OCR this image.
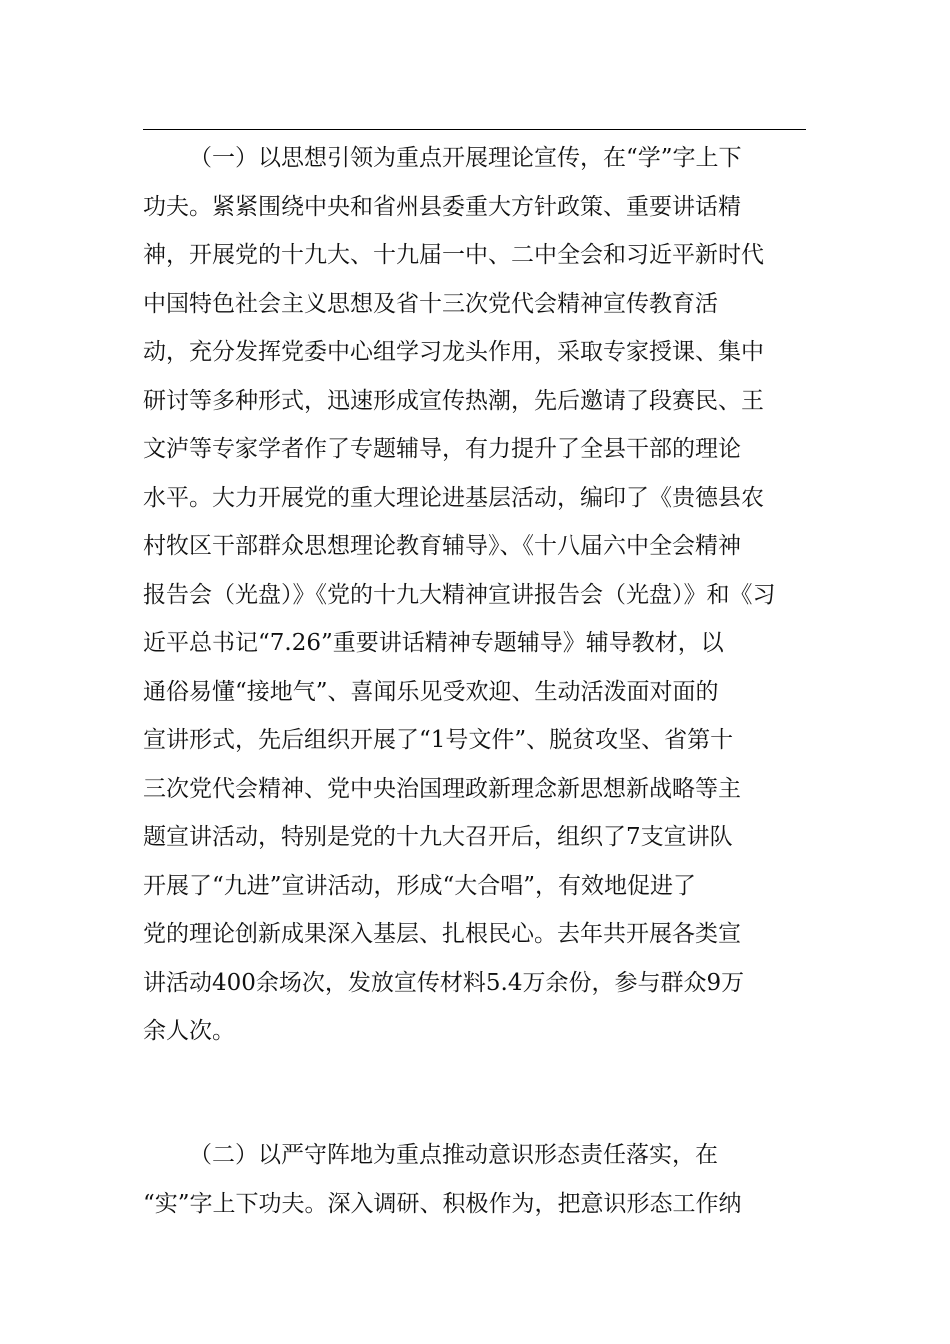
（一）以思想引领为重点开展理论宣传，在“学”字上下
功夫。紧紧围绕中央和省州县委重大方针政策、重要讲话精
神，开展党的十九大、十九届一中、二中全会和习近平新时代
中国特色社会主义思想及省十三次党代会精神宣传教育活
动，充分发挥党委中心组学习龙头作用，采取专家授课、集中
研讨等多种形式，迅速形成宣传热潮，先后邀请了段赛民、王
文泸等专家学者作了专题辅导，有力提升了全县干部的理论
水平。大力开展党的重大理论进基层活动，编印了《贵德县农
村牧区干部群众思想理论教育辅导》、《十八届六中全会精神
报告会（光盘）》《党的十九大精神宣讲报告会（光盘）》和《习
近平总书记“7.26”重要讲话精神专题辅导》辅导教材，以
通俗易懂“接地气”、喜闻乐见受欢迎、生动活泼面对面的
宣讲形式，先后组织开展了“1号文件”、脱贫攻坚、省第十
三次党代会精神、党中央治国理政新理念新思想新战略等主
题宣讲活动，特别是党的十九大召开后，组织了7支宣讲队
开展了“九进”宣讲活动，形成“大合唱”，有效地促进了
党的理论创新成果深入基层、扎根民心。去年共开展各类宣
讲活动400余场次，发放宣传材料5.4万余份，参与群众9万
余人次。
（二）以严守阵地为重点推动意识形态责任落实，在
“实”字上下功夫。深入调研、积极作为，把意识形态工作纳
